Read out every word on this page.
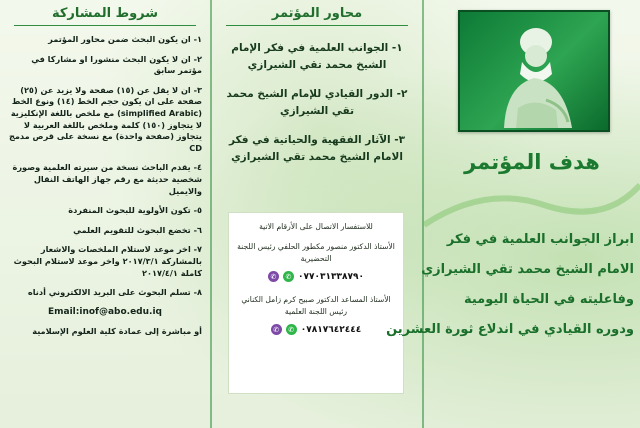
شروط المشاركة
١- ان يكون البحث ضمن محاور المؤتمر
٢- ان لا يكون البحث منشورا او مشاركا في مؤتمر سابق
٣- ان لا يقل عن (١٥) صفحة ولا يزيد عن (٢٥) صفحة على ان يكون حجم الخط (١٤) ونوع الخط (simplified Arabic) مع ملخص باللغة الإنكليزية لا يتجاوز (١٥٠) كلمة وملخص باللغة العربية لا يتجاوز (صفحة واحدة) مع نسخة على قرص مدمج CD
٤- يقدم الباحث نسخة من سيرته العلمية وصورة شخصية حديثة مع رقم جهاز الهاتف النقال والايميل
٥- تكون الأولوية للبحوث المنفردة
٦- تخضع البحوث للتقويم العلمي
٧- اخر موعد لاستلام الملخصات والاشعار بالمشاركة ٢٠١٧/٣/١ واخر موعد لاستلام البحوث كاملة ٢٠١٧/٤/١
٨- تسلم البحوث على البريد الالكتروني أدناه
Email:inof@abo.edu.iq
أو مباشرة إلى عمادة كلية العلوم الإسلامية
محاور المؤتمر
١- الجوانب العلمية في فكر الإمام الشيخ محمد تقي الشيرازي
٢- الدور القيادي للإمام الشيخ محمد تقي الشيرازي
٣- الآثار الفقهية والحياتية في فكر الامام الشيخ محمد تقي الشيرازي
للاستفسار الاتصال على الأرقام الاتية
الأستاذ الدكتور منصور مكطور الحلفي رئيس اللجنة التحضيرية
✆	✆ ٠٧٧٠٣١٣٣٨٧٩٠
الأستاذ المساعد الدكتور صبيح كرم زامل الكناني رئيس اللجنة العلمية
✆	✆ ٠٧٨١٧٦٤٢٤٤٤
هدف المؤتمر
ابراز الجوانب العلمية في فكر
الامام الشيخ محمد تقي الشيرازي
وفاعليته في الحياة اليومية
ودوره القيادي في اندلاع ثورة العشرين
